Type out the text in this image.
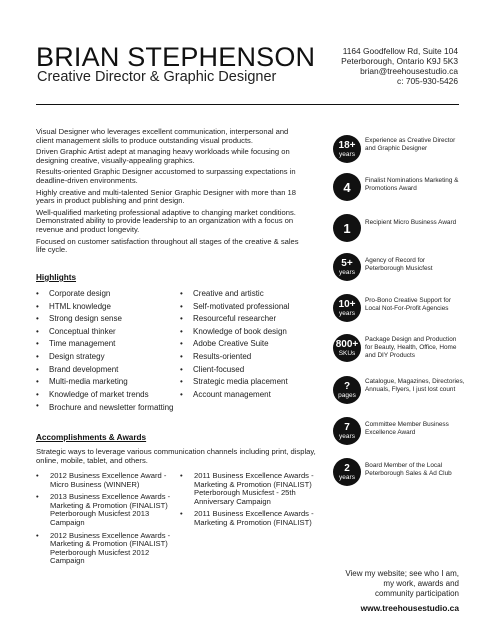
BRIAN STEPHENSON
Creative Director & Graphic Designer
1164 Goodfellow Rd, Suite 104
Peterborough, Ontario K9J 5K3
brian@treehousestudio.ca
c: 705-930-5426

Visual Designer who leverages excellent communication, interpersonal and client management skills to produce outstanding visual products.

Driven Graphic Artist adept at managing heavy workloads while focusing on designing creative, visually-appealing graphics.

Results-oriented Graphic Designer accustomed to surpassing expectations in deadline-driven environments.

Highly creative and multi-talented Senior Graphic Designer with more than 18 years in product publishing and print design.

Well-qualified marketing professional adaptive to changing market conditions. Demonstrated ability to provide leadership to an organization with a focus on revenue and product longevity.

Focused on customer satisfaction throughout all stages of the creative & sales life cycle.

Highlights
• Corporate design
• HTML knowledge
• Strong design sense
• Conceptual thinker
• Time management
• Design strategy
• Brand development
• Multi-media marketing
• Knowledge of market trends
• Brochure and newsletter formatting
• Creative and artistic
• Self-motivated professional
• Resourceful researcher
• Knowledge of book design
• Adobe Creative Suite
• Results-oriented
• Client-focused
• Strategic media placement
• Account management
Accomplishments & Awards

Strategic ways to leverage various communication channels including print, display, online, mobile, tablet, and others.

• 2012 Business Excellence Award - Micro Business (WINNER)
• 2013 Business Excellence Awards - Marketing & Promotion (FINALIST) Peterborough Musicfest 2013 Campaign
• 2012 Business Excellence Awards - Marketing & Promotion (FINALIST) Peterborough Musicfest 2012 Campaign
• 2011 Business Excellence Awards - Marketing & Promotion (FINALIST) Peterborough Musicfest - 25th Anniversary Campaign
• 2011 Business Excellence Awards - Marketing & Promotion (FINALIST)
18+
years
Experience as Creative Director and Graphic Designer
4 Finalist Nominations Marketing & Promotions Award
1 Recipient Micro Business Award
5+
years
Agency of Record for Peterborough Musicfest
10+
years
Pro-Bono Creative Support for Local Not-For-Profit Agencies
800+
SKUs
Package Design and Production for Beauty, Health, Office, Home and DIY Products
?
pages
Catalogue, Magazines, Directories, Annuals, Flyers, I just lost count
7
years
Committee Member Business Excellence Award
2
years
Board Member of the Local Peterborough Sales & Ad Club
View my website; see who I am,
my work, awards and
community participation
www.treehousestudio.ca
